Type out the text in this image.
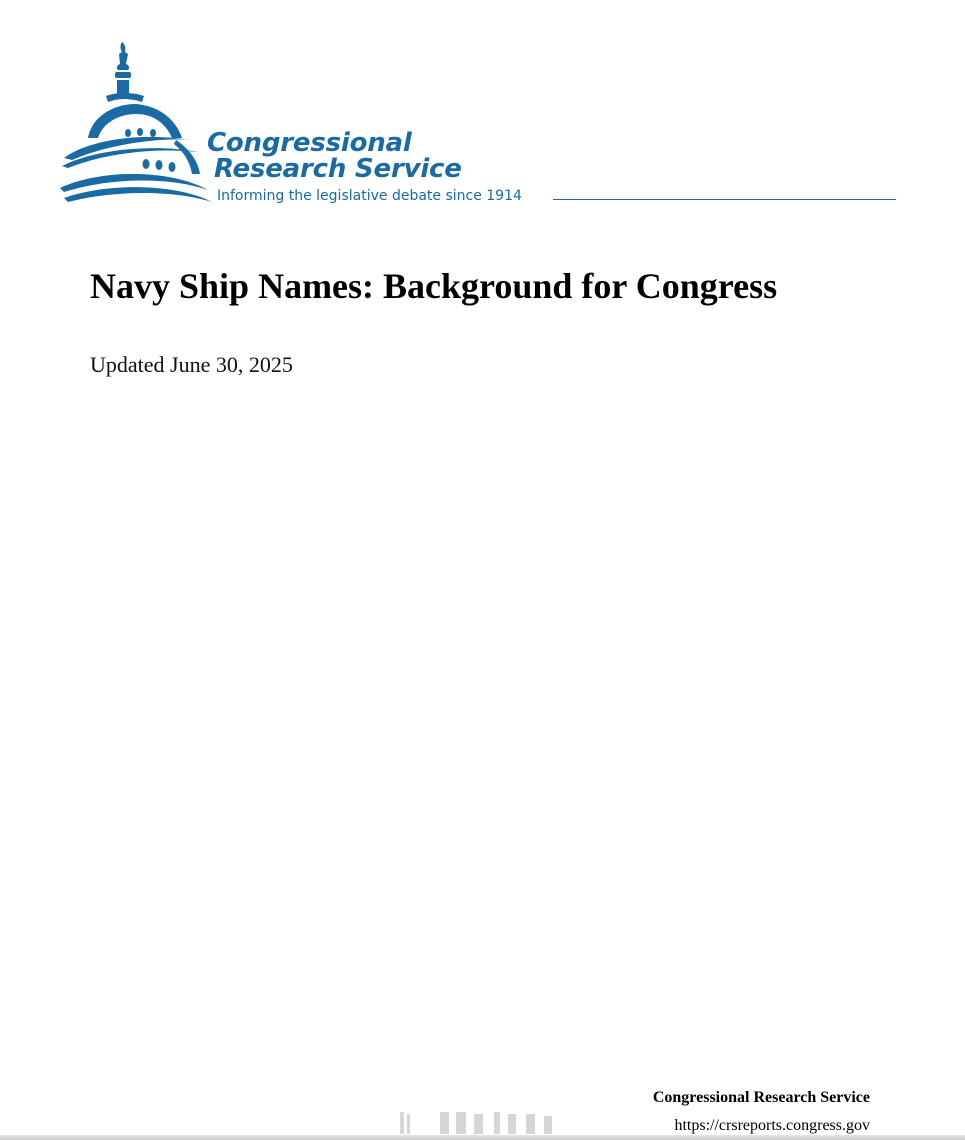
Congressional
Research Service
Informing the legislative debate since 1914
Navy Ship Names: Background for Congress
Updated June 30, 2025
Congressional Research Service
https://crsreports.congress.gov
